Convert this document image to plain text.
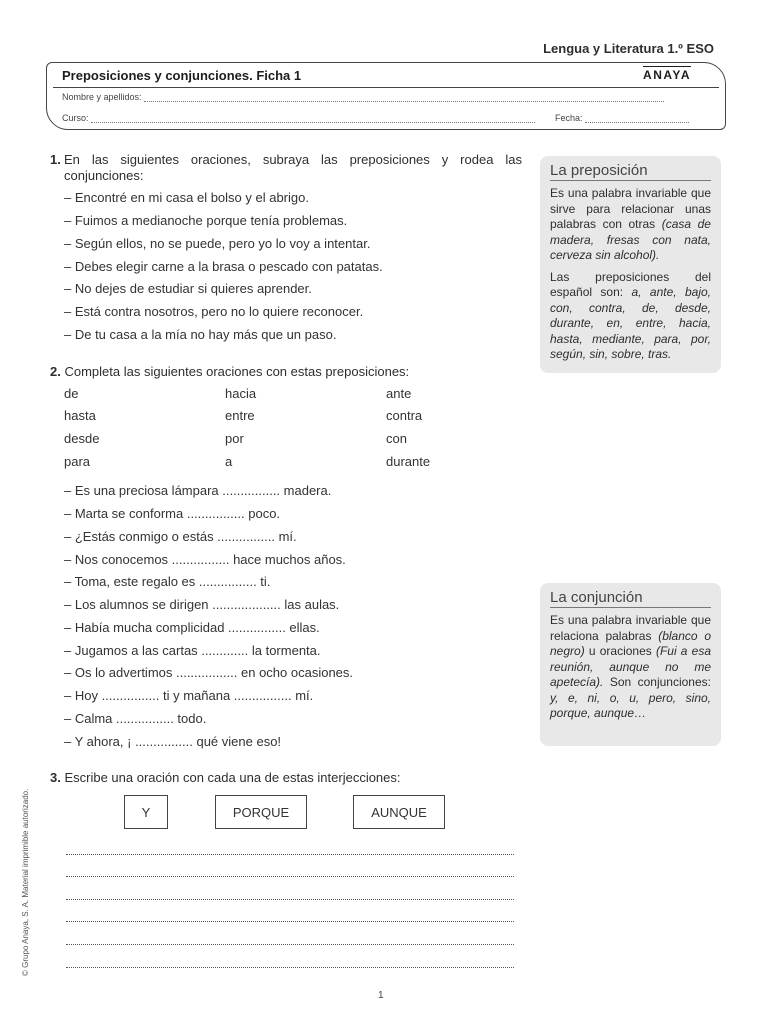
Lengua y Literatura 1.º ESO
Preposiciones y conjunciones. Ficha 1	ANAYA
Nombre y apellidos:
Curso:	Fecha:
1. En las siguientes oraciones, subraya las preposiciones y rodea las conjunciones:
– Encontré en mi casa el bolso y el abrigo.
– Fuimos a medianoche porque tenía problemas.
– Según ellos, no se puede, pero yo lo voy a intentar.
– Debes elegir carne a la brasa o pescado con patatas.
– No dejes de estudiar si quieres aprender.
– Está contra nosotros, pero no lo quiere reconocer.
– De tu casa a la mía no hay más que un paso.
2. Completa las siguientes oraciones con estas preposiciones:
de	hacia	ante
hasta	entre	contra
desde	por	con
para	a	durante
– Es una preciosa lámpara ................ madera.
– Marta se conforma ................ poco.
– ¿Estás conmigo o estás ................ mí.
– Nos conocemos ................ hace muchos años.
– Toma, este regalo es ................ ti.
– Los alumnos se dirigen ................... las aulas.
– Había mucha complicidad ................ ellas.
– Jugamos a las cartas ............. la tormenta.
– Os lo advertimos ................. en ocho ocasiones.
– Hoy ................ ti y mañana ................ mí.
– Calma ................ todo.
– Y ahora, ¡ ................ qué viene eso!
3. Escribe una oración con cada una de estas interjecciones:
Y	PORQUE	AUNQUE
La preposición

Es una palabra invariable que sirve para relacionar unas palabras con otras (casa de madera, fresas con nata, cerveza sin alcohol).

Las preposiciones del español son: a, ante, bajo, con, contra, de, desde, durante, en, entre, hacia, hasta, mediante, para, por, según, sin, sobre, tras.

La conjunción

Es una palabra invariable que relaciona palabras (blanco o negro) u oraciones (Fui a esa reunión, aunque no me apetecía). Son conjunciones: y, e, ni, o, u, pero, sino, porque, aunque…

© Grupo Anaya, S. A. Material imprimible autorizado.
1
